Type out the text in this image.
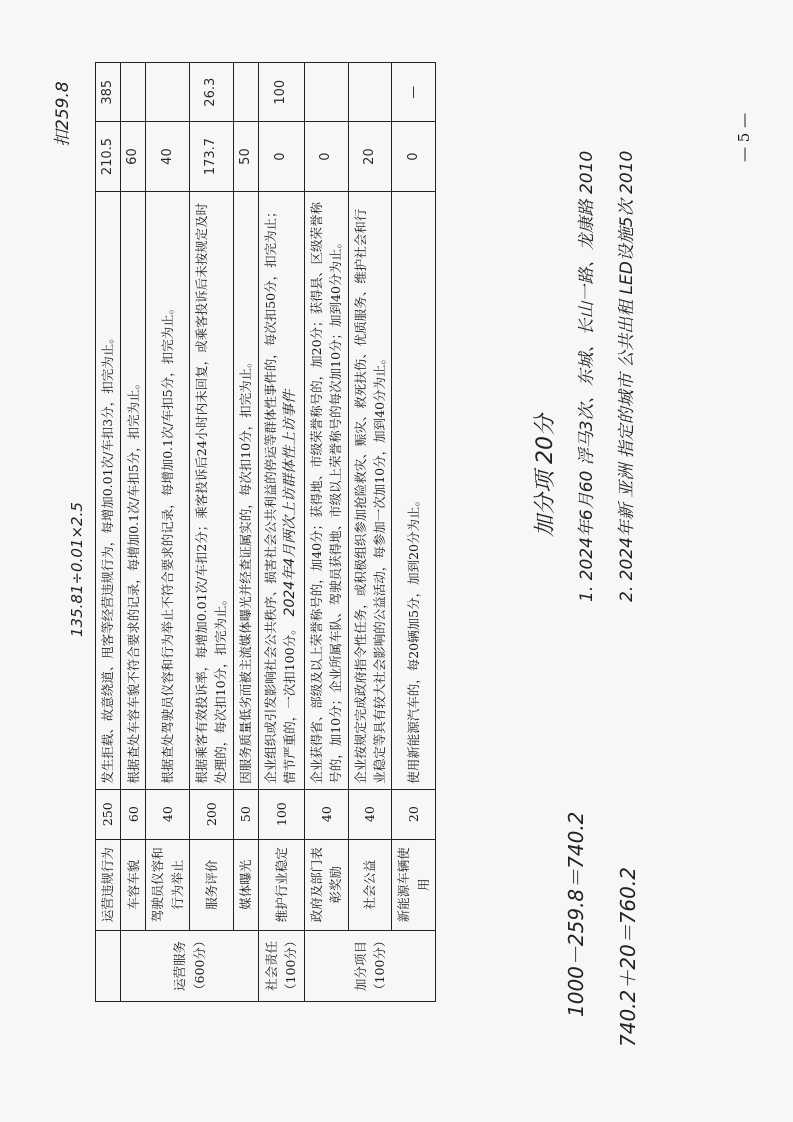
	运营违规行为	250	发生拒载、故意绕道、甩客等经营违规行为，每增加0.01次/车扣3分，扣完为止。	210.5	385
运营服务（600分）	车容车貌	60	根据查处车容车貌不符合要求的记录，每增加0.1次/车扣5分，扣完为止。	60	
	驾驶员仪容和行为举止	40	根据查处驾驶员仪容和行为举止不符合要求的记录，每增加0.1次/车扣5分，扣完为止。	40	
	服务评价	200	根据乘客有效投诉率，每增加0.01次/车扣2分；乘客投诉后24小时内未回复，或乘客投诉后未按规定及时处理的，每次扣10分，扣完为止。	173.7	26.3
	媒体曝光	50	因服务质量低劣而被主流媒体曝光并经查证属实的，每次扣10分，扣完为止。	50	
社会责任（100分）	维护行业稳定	100	企业组织或引发影响社会公共秩序、损害社会公共利益的停运等群体性事件的，每次扣50分，扣完为止；情节严重的，一次扣100分。2024年4月两次上访群体性上访事件	0	100
加分项目（100分）	政府及部门表彰奖励	40	企业获得省、部级及以上荣誉称号的，加40分；获得地、市级荣誉称号的，加20分；获得县、区级荣誉称号的，加10分；企业所属车队、驾驶员获得地、市级以上荣誉称号的每次加10分；加到40分为止。	0	
	社会公益	40	企业按规定完成政府指令性任务，或积极组织参加抢险救灾、赈灾、救死扶伤、优质服务、维护社会和行业稳定等具有较大社会影响的公益活动，每参加一次加10分，加到40分为止。	20	
	新能源车辆使用	20	使用新能源汽车的，每20辆加5分，加到20分为止。	0	—
135.81÷0.01×2.5
扣259.8
加分项 20分 1. 2024年6月60 浮马3次、东城、长山一路、龙康路 2010 2. 2024年新 亚洲 指定的城市 公共出租 LED设施5次 2010
1000－259.8＝740.2 740.2＋20＝760.2
— 5 —
